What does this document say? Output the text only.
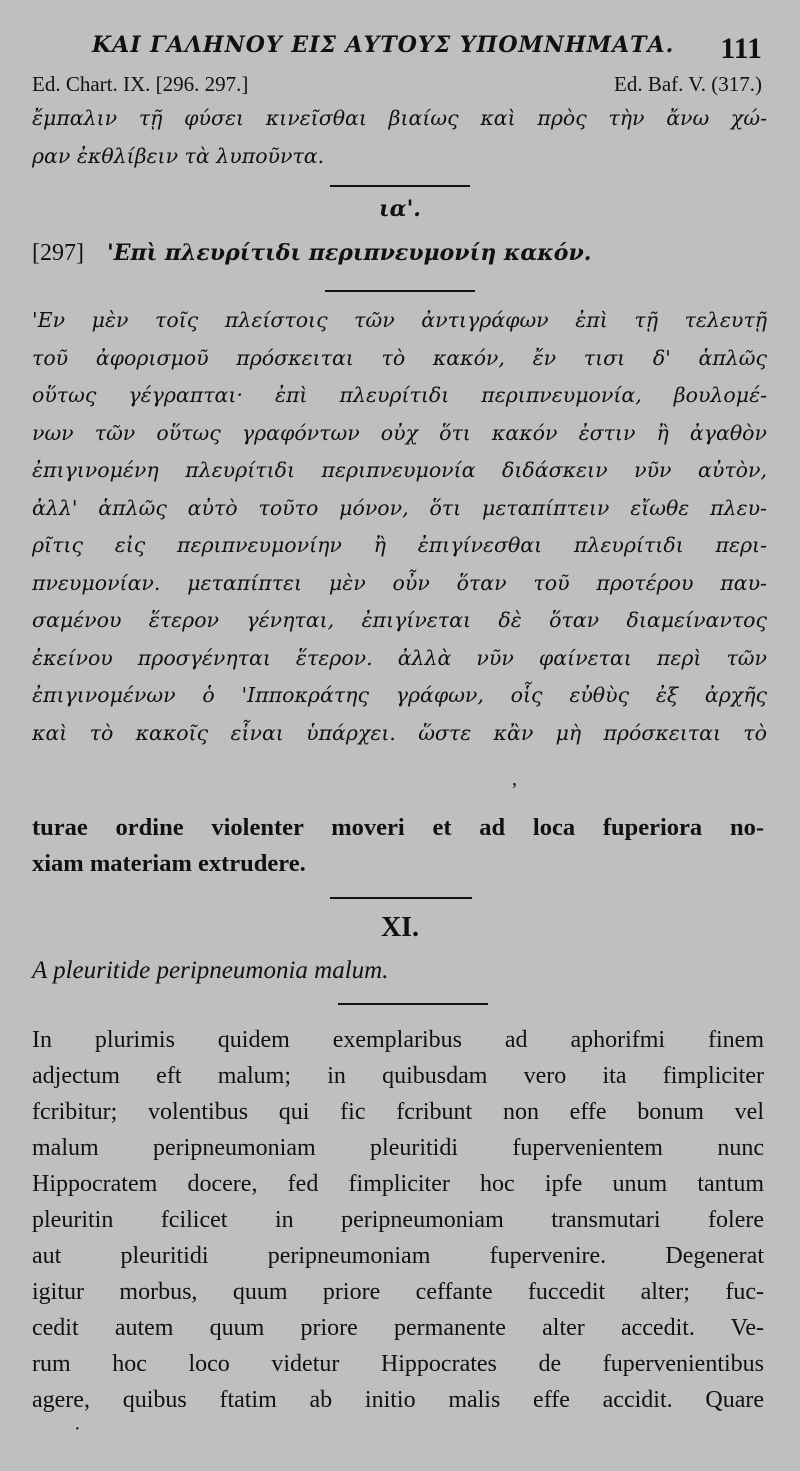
ΚΑΙ ΓΑΛΗΝΟΥ ΕΙΣ ΑΥΤΟΥΣ ΥΠΟΜΝΗΜΑΤΑ. 111
Ed. Chart. IX. [296. 297.]	Ed. Baf. V. (317.)
ἔμπαλιν τῇ φύσει κινεῖσθαι βιαίως καὶ πρὸς τὴν ἄνω χώ-
ραν ἐκθλίβειν τὰ λυποῦντα.
ια'.
[297] 'Επὶ πλευρίτιδι περιπνευμονίη κακόν.
'Εν μὲν τοῖς πλείστοις τῶν ἀντιγράφων ἐπὶ τῇ τελευτῇ
τοῦ ἀφορισμοῦ πρόσκειται τὸ κακόν, ἔν τισι δ' ἁπλῶς
οὕτως γέγραπται· ἐπὶ πλευρίτιδι περιπνευμονία, βουλομέ-
νων τῶν οὕτως γραφόντων οὐχ ὅτι κακόν ἐστιν ἢ ἀγαθὸν
ἐπιγινομένη πλευρίτιδι περιπνευμονία διδάσκειν νῦν αὐτὸν,
ἀλλ' ἁπλῶς αὐτὸ τοῦτο μόνον, ὅτι μεταπίπτειν εἴωθε πλευ-
ρῖτις εἰς περιπνευμονίην ἢ ἐπιγίνεσθαι πλευρίτιδι περι-
πνευμονίαν. μεταπίπτει μὲν οὖν ὅταν τοῦ προτέρου παυ-
σαμένου ἕτερον γένηται, ἐπιγίνεται δὲ ὅταν διαμείναντος
ἐκείνου προσγένηται ἕτερον. ἀλλὰ νῦν φαίνεται περὶ τῶν
ἐπιγινομένων ὁ 'Ιπποκράτης γράφων, οἷς εὐθὺς ἐξ ἀρχῆς
καὶ τὸ κακοῖς εἶναι ὑπάρχει. ὥστε κἂν μὴ πρόσκειται τὸ
,
turae ordine violenter moveri et ad loca fuperiora no-
xiam materiam extrudere.
XI.
A pleuritide peripneumonia malum.
In plurimis quidem exemplaribus ad aphorifmi finem
adjectum eft malum; in quibusdam vero ita fimpliciter
fcribitur; volentibus qui fic fcribunt non effe bonum vel
malum peripneumoniam pleuritidi fupervenientem nunc
Hippocratem docere, fed fimpliciter hoc ipfe unum tantum
pleuritin fcilicet in peripneumoniam transmutari folere
aut pleuritidi peripneumoniam fupervenire. Degenerat
igitur morbus, quum priore ceffante fuccedit alter; fuc-
cedit autem quum priore permanente alter accedit. Ve-
rum hoc loco videtur Hippocrates de fupervenientibus
agere, quibus ftatim ab initio malis effe accidit. Quare
·
